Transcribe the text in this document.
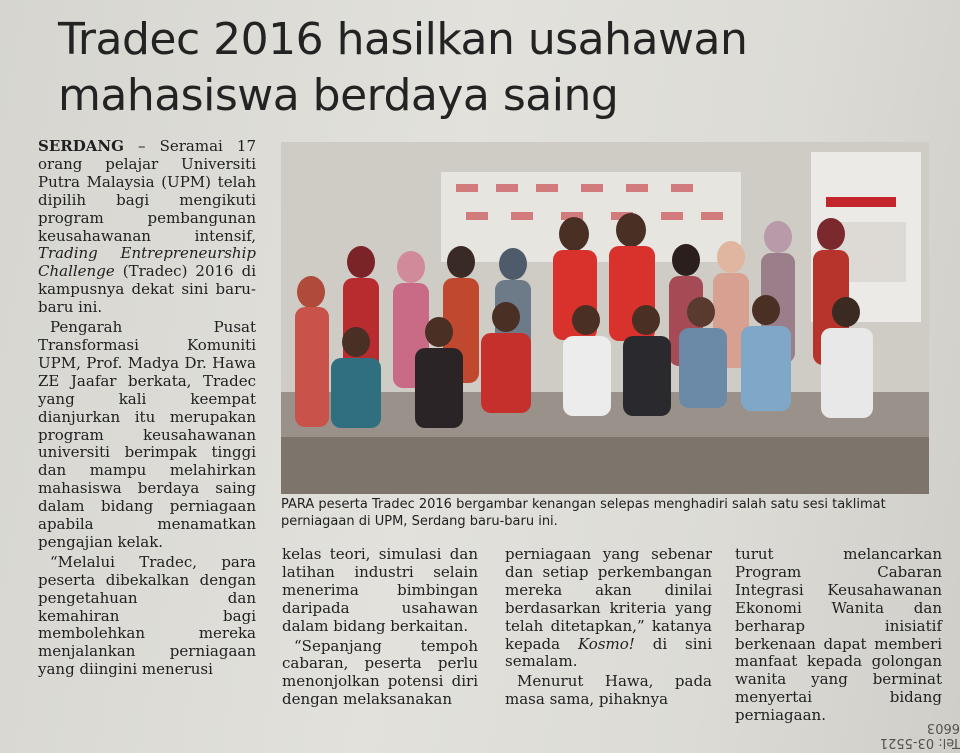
Tradec 2016 hasilkan usahawan
mahasiswa berdaya saing

SERDANG – Seramai 17 orang pelajar Universiti Putra Malaysia (UPM) telah dipilih bagi mengikuti program pembangunan keusahawanan intensif, Trading Entrepreneurship Challenge (Tradec) 2016 di kampusnya dekat sini baru-baru ini.

Pengarah Pusat Transformasi Komuniti UPM, Prof. Madya Dr. Hawa ZE Jaafar berkata, Tradec yang kali keempat dianjurkan itu merupakan program keusahawanan universiti berimpak tinggi dan mampu melahirkan mahasiswa berdaya saing dalam bidang perniagaan apabila menamatkan pengajian kelak.

“Melalui Tradec, para peserta dibekalkan dengan pengetahuan dan kemahiran bagi membolehkan mereka menjalankan perniagaan yang diingini menerusi

PARA peserta Tradec 2016 bergambar kenangan selepas menghadiri salah satu sesi taklimat perniagaan di UPM, Serdang baru-baru ini.

kelas teori, simulasi dan latihan industri selain menerima bimbingan daripada usahawan dalam bidang berkaitan.

“Sepanjang tempoh cabaran, peserta perlu menonjolkan potensi diri dengan melaksanakan

perniagaan yang sebenar dan setiap perkembangan mereka akan dinilai berdasarkan kriteria yang telah ditetapkan,” katanya kepada Kosmo! di sini semalam.

Menurut Hawa, pada masa sama, pihaknya

turut melancarkan Program Cabaran Integrasi Keusahawanan Ekonomi Wanita dan berharap inisiatif berkenaan dapat memberi manfaat kepada golongan wanita yang berminat menyertai bidang perniagaan.

Tel: 03-5521 6603
